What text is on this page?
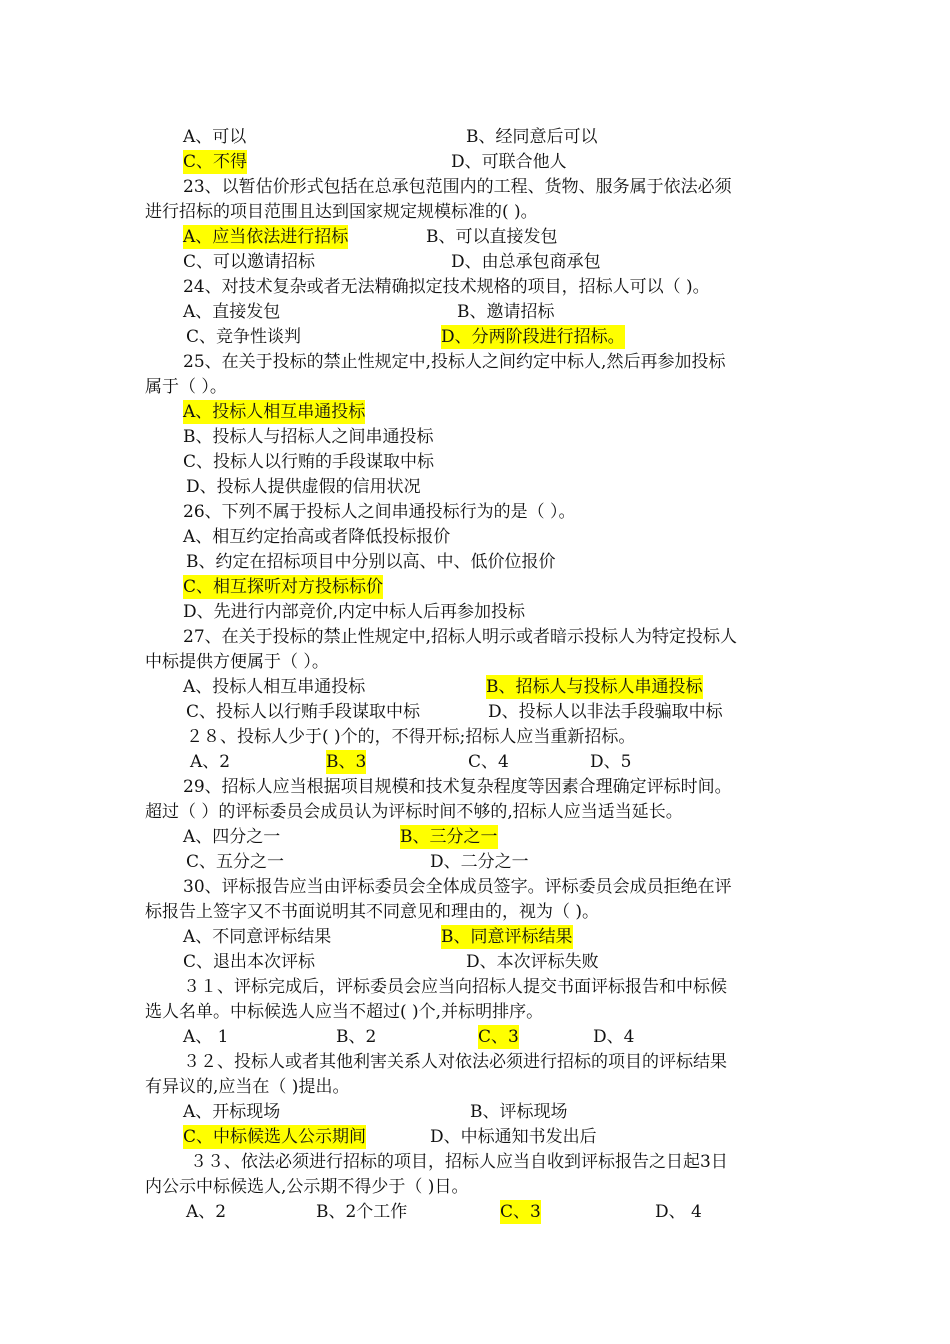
A、可以	B、经同意后可以
C、不得	D、可联合他人
23、以暂估价形式包括在总承包范围内的工程、货物、服务属于依法必须
进行招标的项目范围且达到国家规定规模标准的( )。
A、应当依法进行招标	B、可以直接发包
C、可以邀请招标	D、由总承包商承包
24、对技术复杂或者无法精确拟定技术规格的项目，招标人可以（ )。
A、直接发包	B、邀请招标
C、竞争性谈判	D、分两阶段进行招标。
25、在关于投标的禁止性规定中,投标人之间约定中标人,然后再参加投标
属于（ ）。
A、投标人相互串通投标
B、投标人与招标人之间串通投标
C、投标人以行贿的手段谋取中标
D、投标人提供虚假的信用状况
26、下列不属于投标人之间串通投标行为的是（ ）。
A、相互约定抬高或者降低投标报价
B、约定在招标项目中分别以高、中、低价位报价
C、相互探听对方投标标价
D、先进行内部竞价,内定中标人后再参加投标
27、在关于投标的禁止性规定中,招标人明示或者暗示投标人为特定投标人
中标提供方便属于（ ）。
A、投标人相互串通投标	B、招标人与投标人串通投标
C、投标人以行贿手段谋取中标	D、投标人以非法手段骗取中标
２８、投标人少于( )个的，不得开标;招标人应当重新招标。
A、2	B、3	C、4	D、5
29、招标人应当根据项目规模和技术复杂程度等因素合理确定评标时间。
超过（ ）的评标委员会成员认为评标时间不够的,招标人应当适当延长。
A、四分之一	B、三分之一
C、五分之一	D、二分之一
30、评标报告应当由评标委员会全体成员签字。评标委员会成员拒绝在评
标报告上签字又不书面说明其不同意见和理由的，视为（ )。
A、不同意评标结果	B、同意评标结果
C、退出本次评标	D、本次评标失败
３１、评标完成后，评标委员会应当向招标人提交书面评标报告和中标候
选人名单。中标候选人应当不超过( )个,并标明排序。
A、 1	B、2	C、3	D、4
３２、投标人或者其他利害关系人对依法必须进行招标的项目的评标结果
有异议的,应当在（ )提出。
A、开标现场	B、评标现场
C、中标候选人公示期间	D、中标通知书发出后
３３、依法必须进行招标的项目，招标人应当自收到评标报告之日起3日
内公示中标候选人,公示期不得少于（ )日。
A、2	B、2个工作	C、3	D、 4
